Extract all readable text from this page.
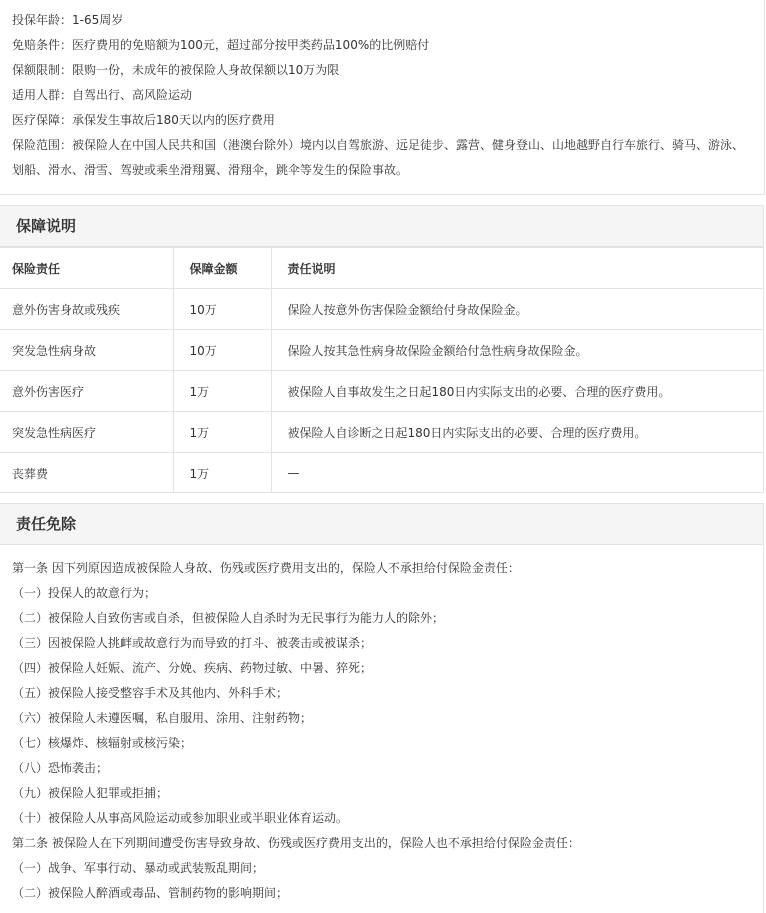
投保年龄：1-65周岁
免赔条件：医疗费用的免赔额为100元，超过部分按甲类药品100%的比例赔付
保额限制：限购一份，未成年的被保险人身故保额以10万为限
适用人群：自驾出行、高风险运动
医疗保障：承保发生事故后180天以内的医疗费用
保险范围：被保险人在中国人民共和国（港澳台除外）境内以自驾旅游、远足徒步、露营、健身登山、山地越野自行车旅行、骑马、游泳、
划船、滑水、滑雪、驾驶或乘坐滑翔翼、滑翔伞，跳伞等发生的保险事故。
保障说明
保险责任	保障金额	责任说明
意外伤害身故或残疾	10万	保险人按意外伤害保险金额给付身故保险金。
突发急性病身故	10万	保险人按其急性病身故保险金额给付急性病身故保险金。
意外伤害医疗	1万	被保险人自事故发生之日起180日内实际支出的必要、合理的医疗费用。
突发急性病医疗	1万	被保险人自诊断之日起180日内实际支出的必要、合理的医疗费用。
丧葬费	1万	—
责任免除
第一条 因下列原因造成被保险人身故、伤残或医疗费用支出的，保险人不承担给付保险金责任：
（一）投保人的故意行为；
（二）被保险人自致伤害或自杀，但被保险人自杀时为无民事行为能力人的除外；
（三）因被保险人挑衅或故意行为而导致的打斗、被袭击或被谋杀；
（四）被保险人妊娠、流产、分娩、疾病、药物过敏、中暑、猝死；
（五）被保险人接受整容手术及其他内、外科手术；
（六）被保险人未遵医嘱，私自服用、涂用、注射药物；
（七）核爆炸、核辐射或核污染；
（八）恐怖袭击；
（九）被保险人犯罪或拒捕；
（十）被保险人从事高风险运动或参加职业或半职业体育运动。
第二条 被保险人在下列期间遭受伤害导致身故、伤残或医疗费用支出的，保险人也不承担给付保险金责任：
（一）战争、军事行动、暴动或武装叛乱期间；
（二）被保险人醉酒或毒品、管制药物的影响期间；
